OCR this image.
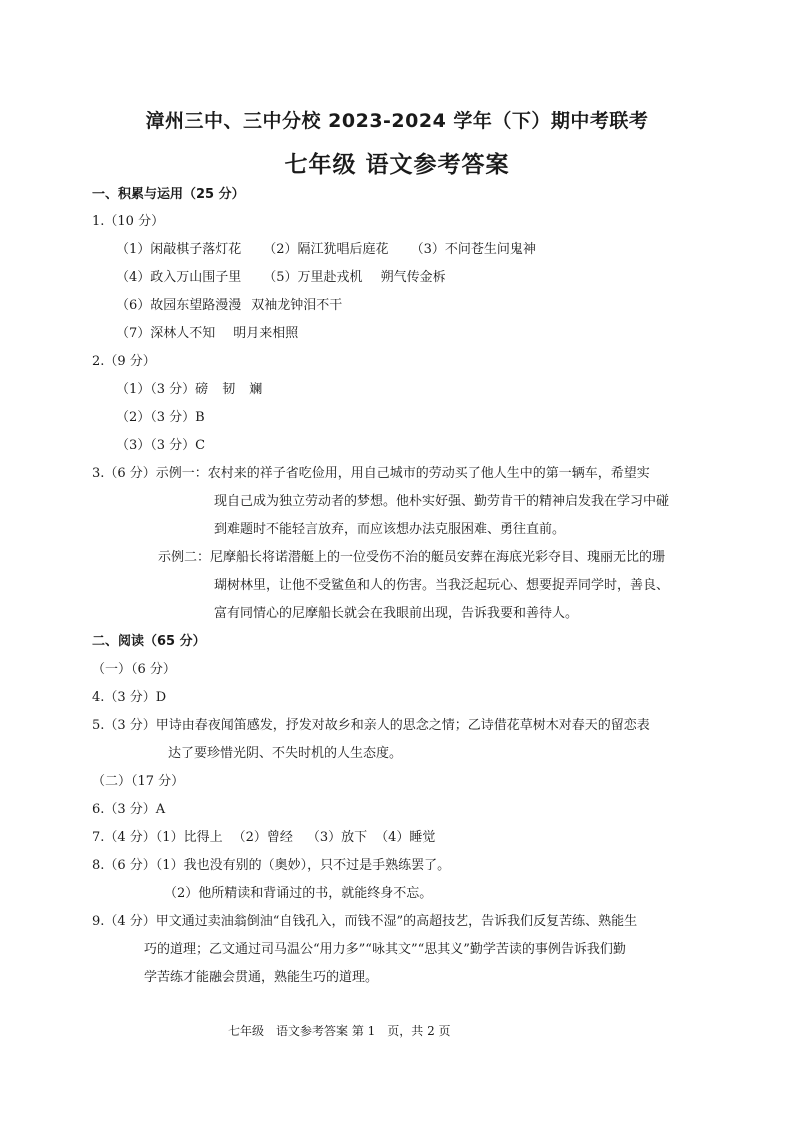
漳州三中、三中分校 2023-2024 学年（下）期中考联考
七年级 语文参考答案
一、积累与运用（25 分）
1.（10 分）
（1）闲敲棋子落灯花 （2）隔江犹唱后庭花 （3）不问苍生问鬼神
（4）政入万山围子里 （5）万里赴戎机 朔气传金柝
（6）故园东望路漫漫 双袖龙钟泪不干
（7）深林人不知 明月来相照
2.（9 分）
（1）（3 分）磅 韧 斓
（2）（3 分）B
（3）（3 分）C
3.（6 分）示例一：农村来的祥子省吃俭用，用自己城市的劳动买了他人生中的第一辆车，希望实
现自己成为独立劳动者的梦想。他朴实好强、勤劳肯干的精神启发我在学习中碰
到难题时不能轻言放弃，而应该想办法克服困难、勇往直前。
示例二：尼摩船长将诺潜艇上的一位受伤不治的艇员安葬在海底光彩夺目、瑰丽无比的珊
瑚树林里，让他不受鲨鱼和人的伤害。当我泛起玩心、想要捉弄同学时，善良、
富有同情心的尼摩船长就会在我眼前出现，告诉我要和善待人。
二、阅读（65 分）
（一）（6 分）
4.（3 分）D
5.（3 分）甲诗由春夜闻笛感发，抒发对故乡和亲人的思念之情；乙诗借花草树木对春天的留恋表
达了要珍惜光阴、不失时机的人生态度。
（二）（17 分）
6.（3 分）A
7.（4 分）（1）比得上 （2）曾经 （3）放下 （4）睡觉
8.（6 分）（1）我也没有别的（奥妙），只不过是手熟练罢了。
（2）他所精读和背诵过的书，就能终身不忘。
9.（4 分）甲文通过卖油翁倒油“自钱孔入，而钱不湿”的高超技艺，告诉我们反复苦练、熟能生
巧的道理；乙文通过司马温公“用力多”“咏其文”“思其义”勤学苦读的事例告诉我们勤
学苦练才能融会贯通，熟能生巧的道理。
七年级　语文参考答案 第 1　页，共 2 页
